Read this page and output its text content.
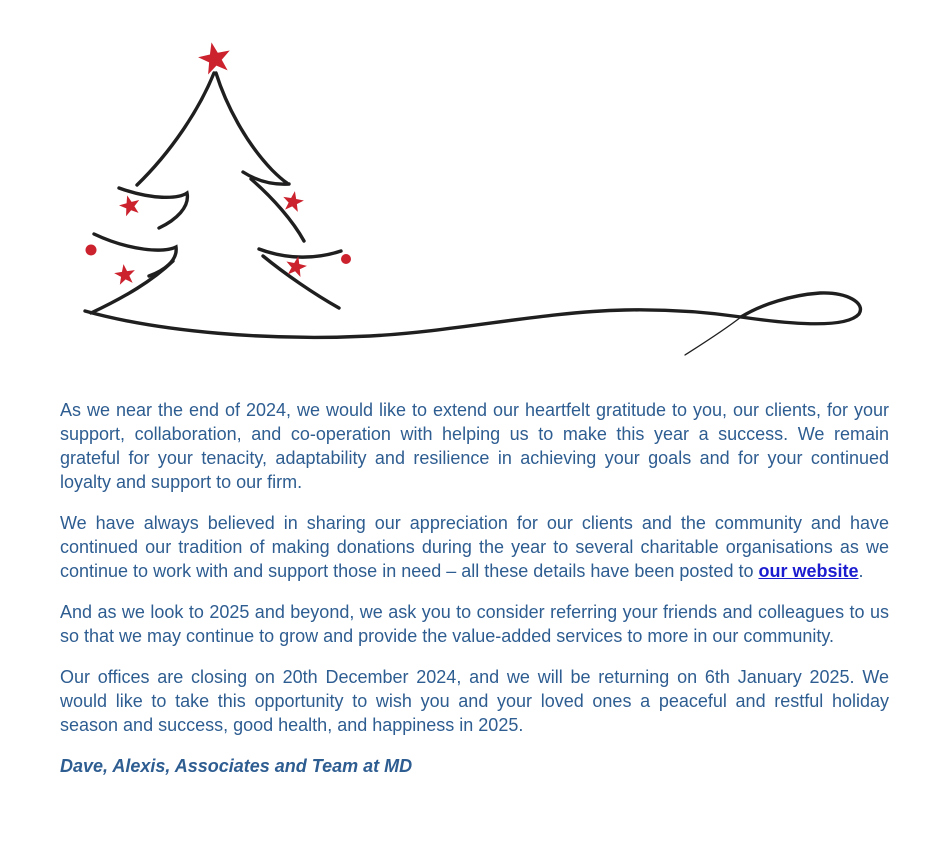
As we near the end of 2024, we would like to extend our heartfelt gratitude to you, our clients, for your support, collaboration, and co-operation with helping us to make this year a success. We remain grateful for your tenacity, adaptability and resilience in achieving your goals and for your continued loyalty and support to our firm.

We have always believed in sharing our appreciation for our clients and the community and have continued our tradition of making donations during the year to several charitable organisations as we continue to work with and support those in need – all these details have been posted to our website.

And as we look to 2025 and beyond, we ask you to consider referring your friends and colleagues to us so that we may continue to grow and provide the value-added services to more in our community.

Our offices are closing on 20th December 2024, and we will be returning on 6th January 2025. We would like to take this opportunity to wish you and your loved ones a peaceful and restful holiday season and success, good health, and happiness in 2025.

Dave, Alexis, Associates and Team at MD
